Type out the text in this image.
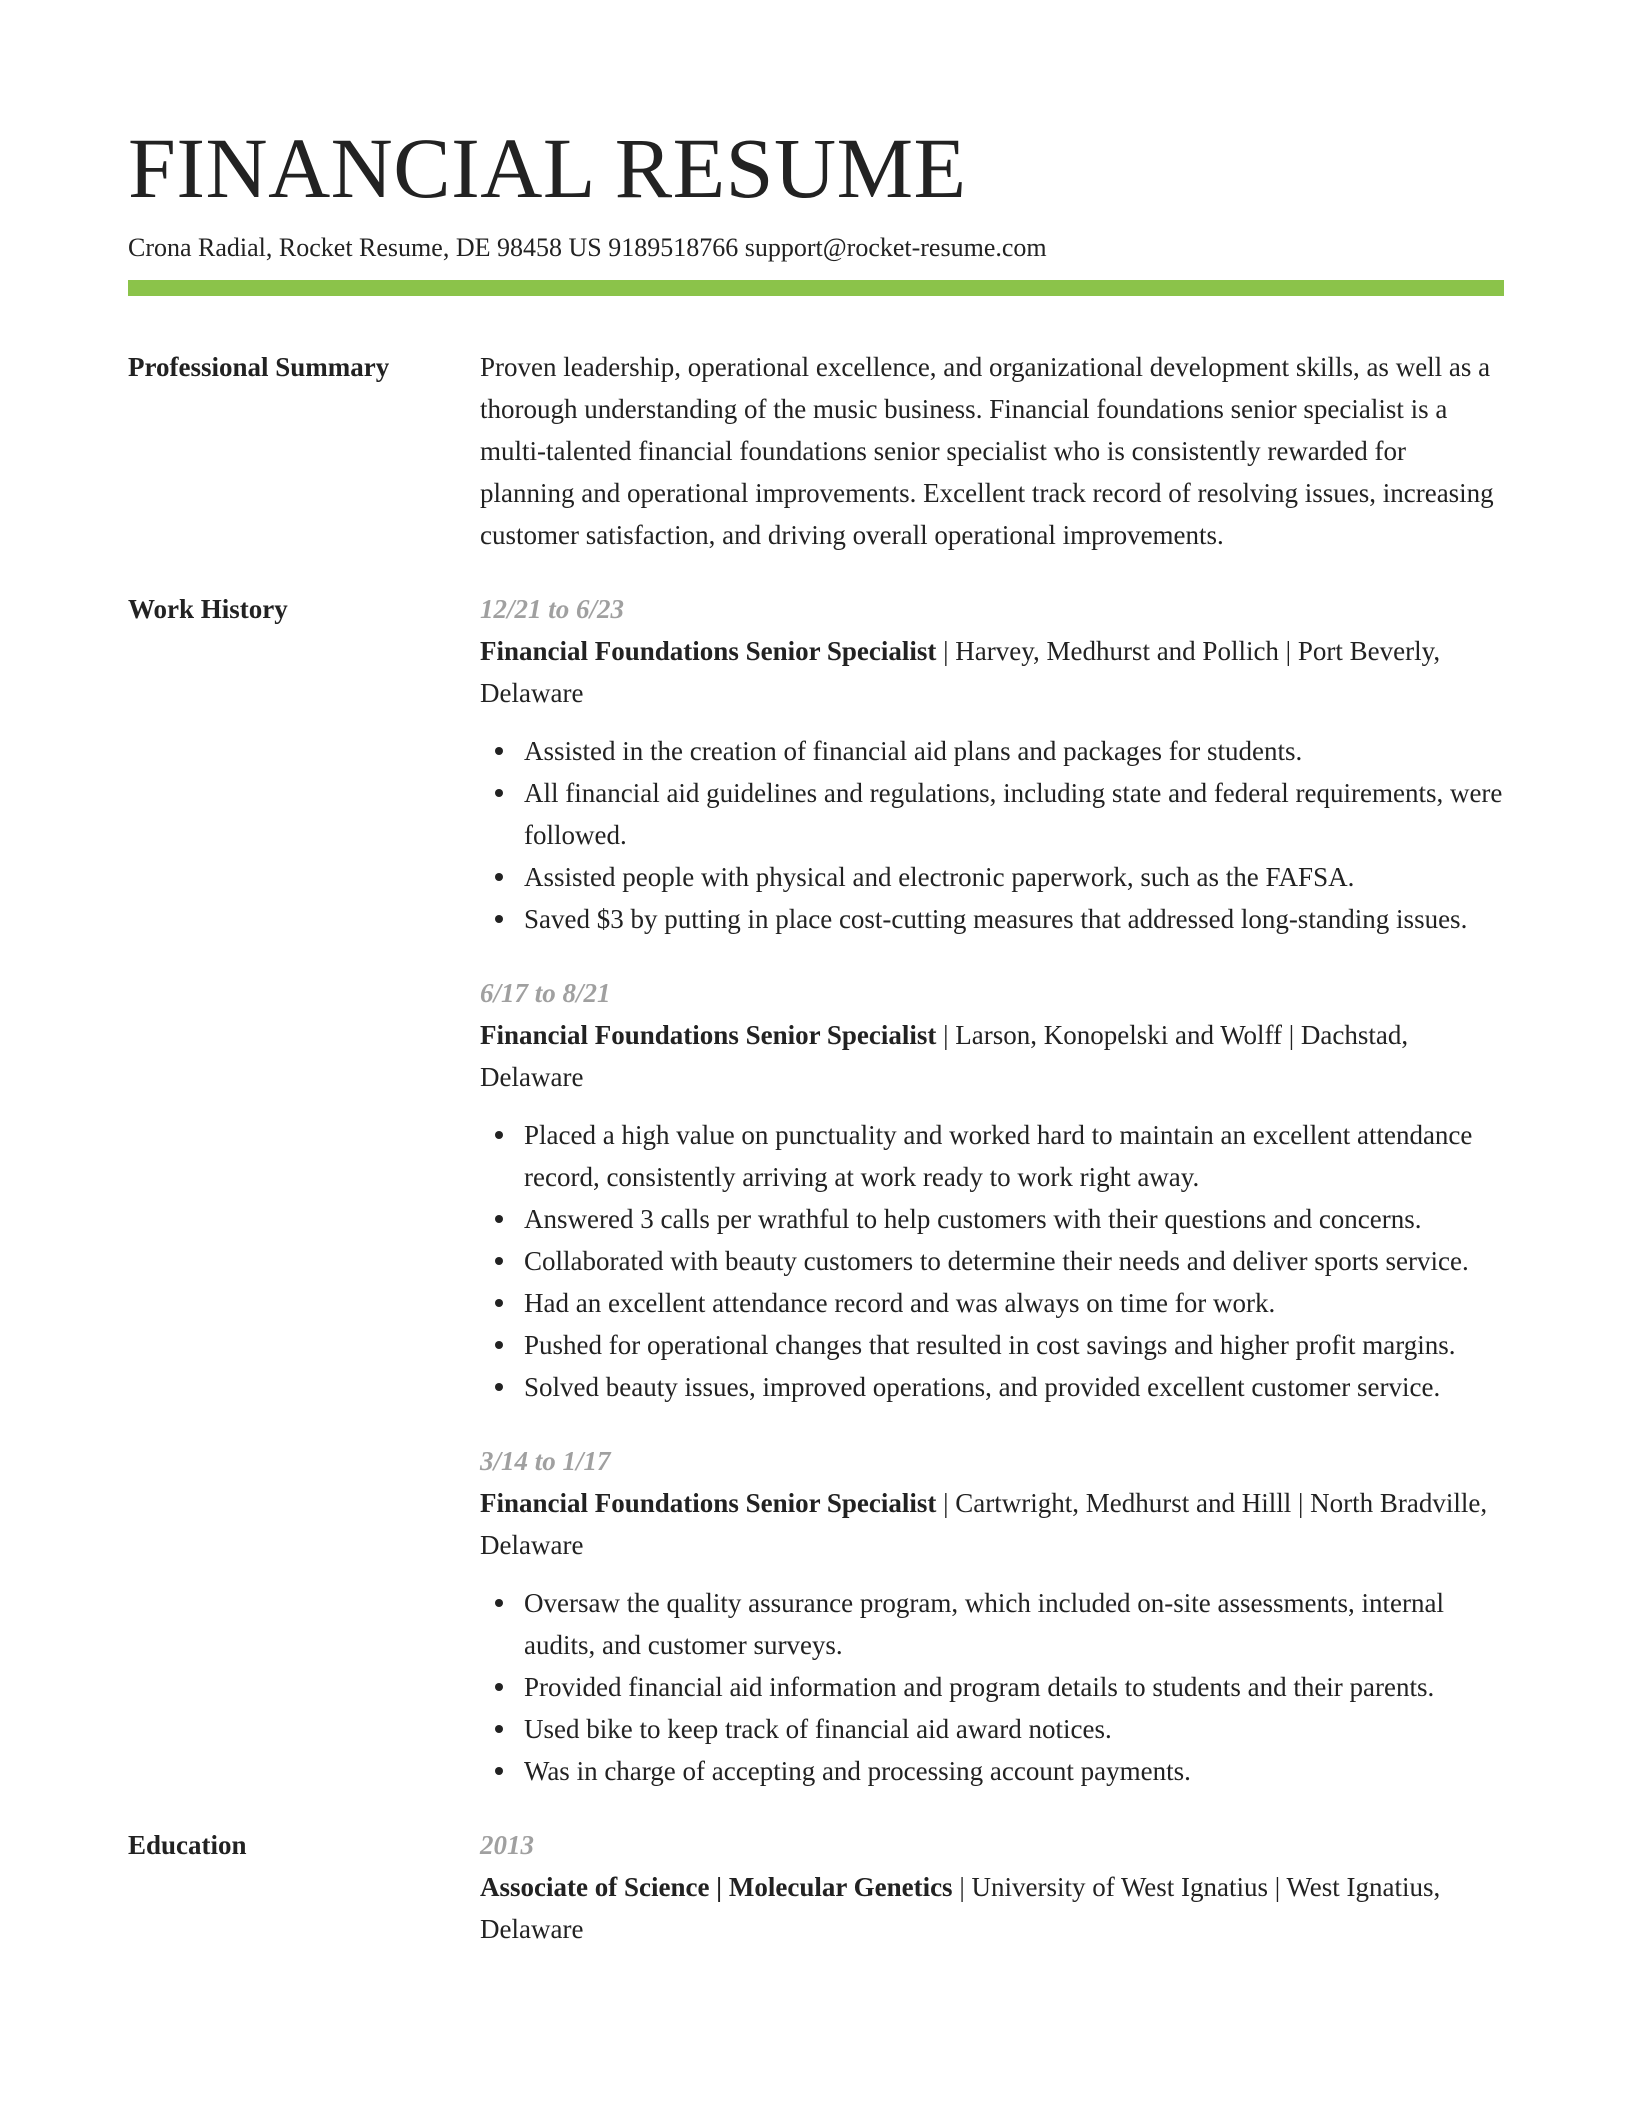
FINANCIAL RESUME
Crona Radial, Rocket Resume, DE 98458 US 9189518766 support@rocket-resume.com
Professional Summary	Proven leadership, operational excellence, and organizational development skills, as well as a thorough understanding of the music business. Financial foundations senior specialist is a multi-talented financial foundations senior specialist who is consistently rewarded for planning and operational improvements. Excellent track record of resolving issues, increasing customer satisfaction, and driving overall operational improvements.
Work History	12/21 to 6/23
Financial Foundations Senior Specialist | Harvey, Medhurst and Pollich | Port Beverly, Delaware
Assisted in the creation of financial aid plans and packages for students.
All financial aid guidelines and regulations, including state and federal requirements, were followed.
Assisted people with physical and electronic paperwork, such as the FAFSA.
Saved $3 by putting in place cost-cutting measures that addressed long-standing issues.
6/17 to 8/21
Financial Foundations Senior Specialist | Larson, Konopelski and Wolff | Dachstad, Delaware
Placed a high value on punctuality and worked hard to maintain an excellent attendance record, consistently arriving at work ready to work right away.
Answered 3 calls per wrathful to help customers with their questions and concerns.
Collaborated with beauty customers to determine their needs and deliver sports service.
Had an excellent attendance record and was always on time for work.
Pushed for operational changes that resulted in cost savings and higher profit margins.
Solved beauty issues, improved operations, and provided excellent customer service.
3/14 to 1/17
Financial Foundations Senior Specialist | Cartwright, Medhurst and Hilll | North Bradville, Delaware
Oversaw the quality assurance program, which included on-site assessments, internal audits, and customer surveys.
Provided financial aid information and program details to students and their parents.
Used bike to keep track of financial aid award notices.
Was in charge of accepting and processing account payments.
Education	2013
Associate of Science | Molecular Genetics | University of West Ignatius | West Ignatius, Delaware
